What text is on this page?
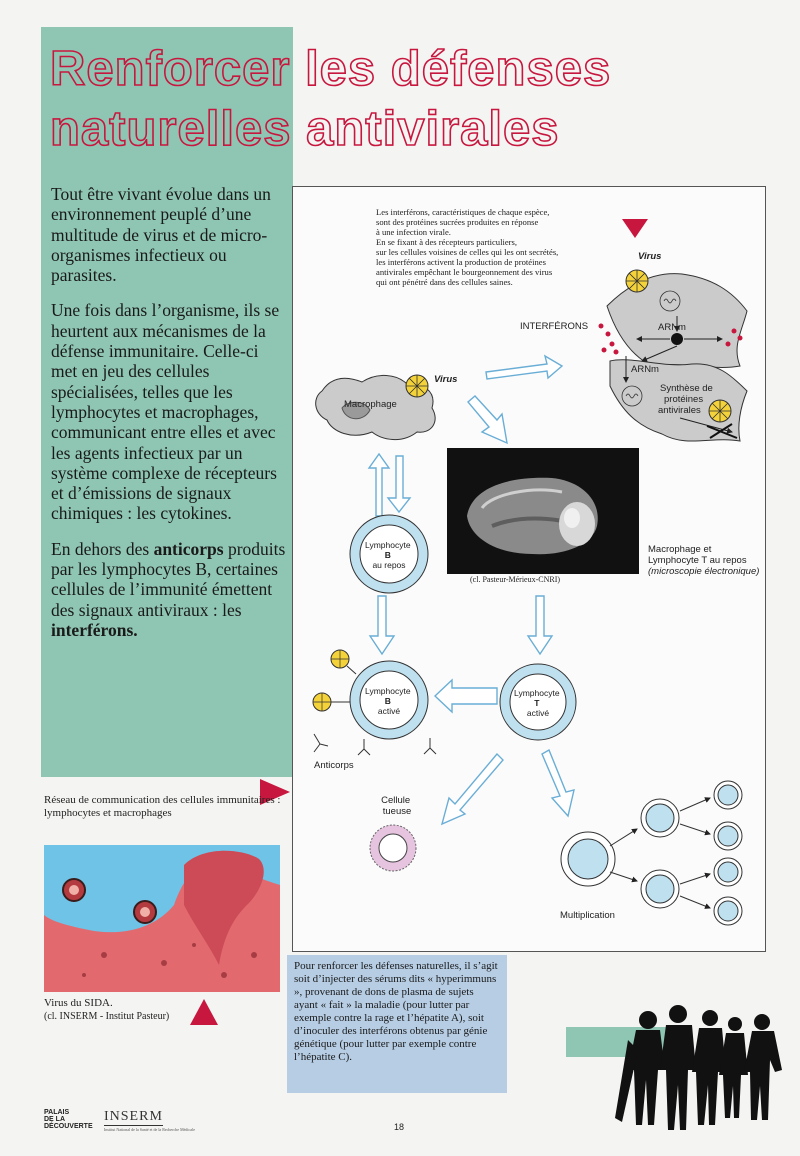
Renforcer les défenses
naturelles antivirales

Tout être vivant évolue dans un environnement peuplé d’une multitude de virus et de micro-organismes infectieux ou parasites.

Une fois dans l’organisme, ils se heurtent aux mécanismes de la défense immunitaire. Celle-ci met en jeu des cellules spécialisées, telles que les lymphocytes et macrophages, communicant entre elles et avec les agents infectieux par un système complexe de récepteurs et d’émissions de signaux chimiques : les cytokines.

En dehors des anticorps produits par les lymphocytes B, certaines cellules de l’immunité émettent des signaux antiviraux : les interférons.

Les interférons, caractéristiques de chaque espèce, sont des protéines sucrées produites en réponse à une infection virale. En se fixant à des récepteurs particuliers, sur les cellules voisines de celles qui les ont secrétés, les interférons activent la production de protéines antivirales empêchant le bourgeonnement des virus qui ont pénétré dans des cellules saines.
Virus
ARNm
INTERFÉRONS
ARNm
Synthèse de protéines antivirales
Macrophage
Virus
(cl. Pasteur-Mérieux-CNRI)
Macrophage et Lymphocyte T au repos (microscopie électronique)
Lymphocyte B au repos
Lymphocyte B activé
Anticorps
Lymphocyte T activé
Cellule tueuse
Multiplication
Réseau de communication des cellules immunitaires : lymphocytes et macrophages
Virus du SIDA.
(cl. INSERM - Institut Pasteur)
Pour renforcer les défenses naturelles, il s’agit soit d’injecter des sérums dits « hyperimmuns », provenant de dons de plasma de sujets ayant « fait » la maladie (pour lutter par exemple contre la rage et l’hépatite A), soit d’inoculer des interférons obtenus par génie génétique (pour lutter par exemple contre l’hépatite C).
PALAIS
DE LA
DÉCOUVERTE
INSERM
Institut National de la Santé et de la Recherche Médicale	18
